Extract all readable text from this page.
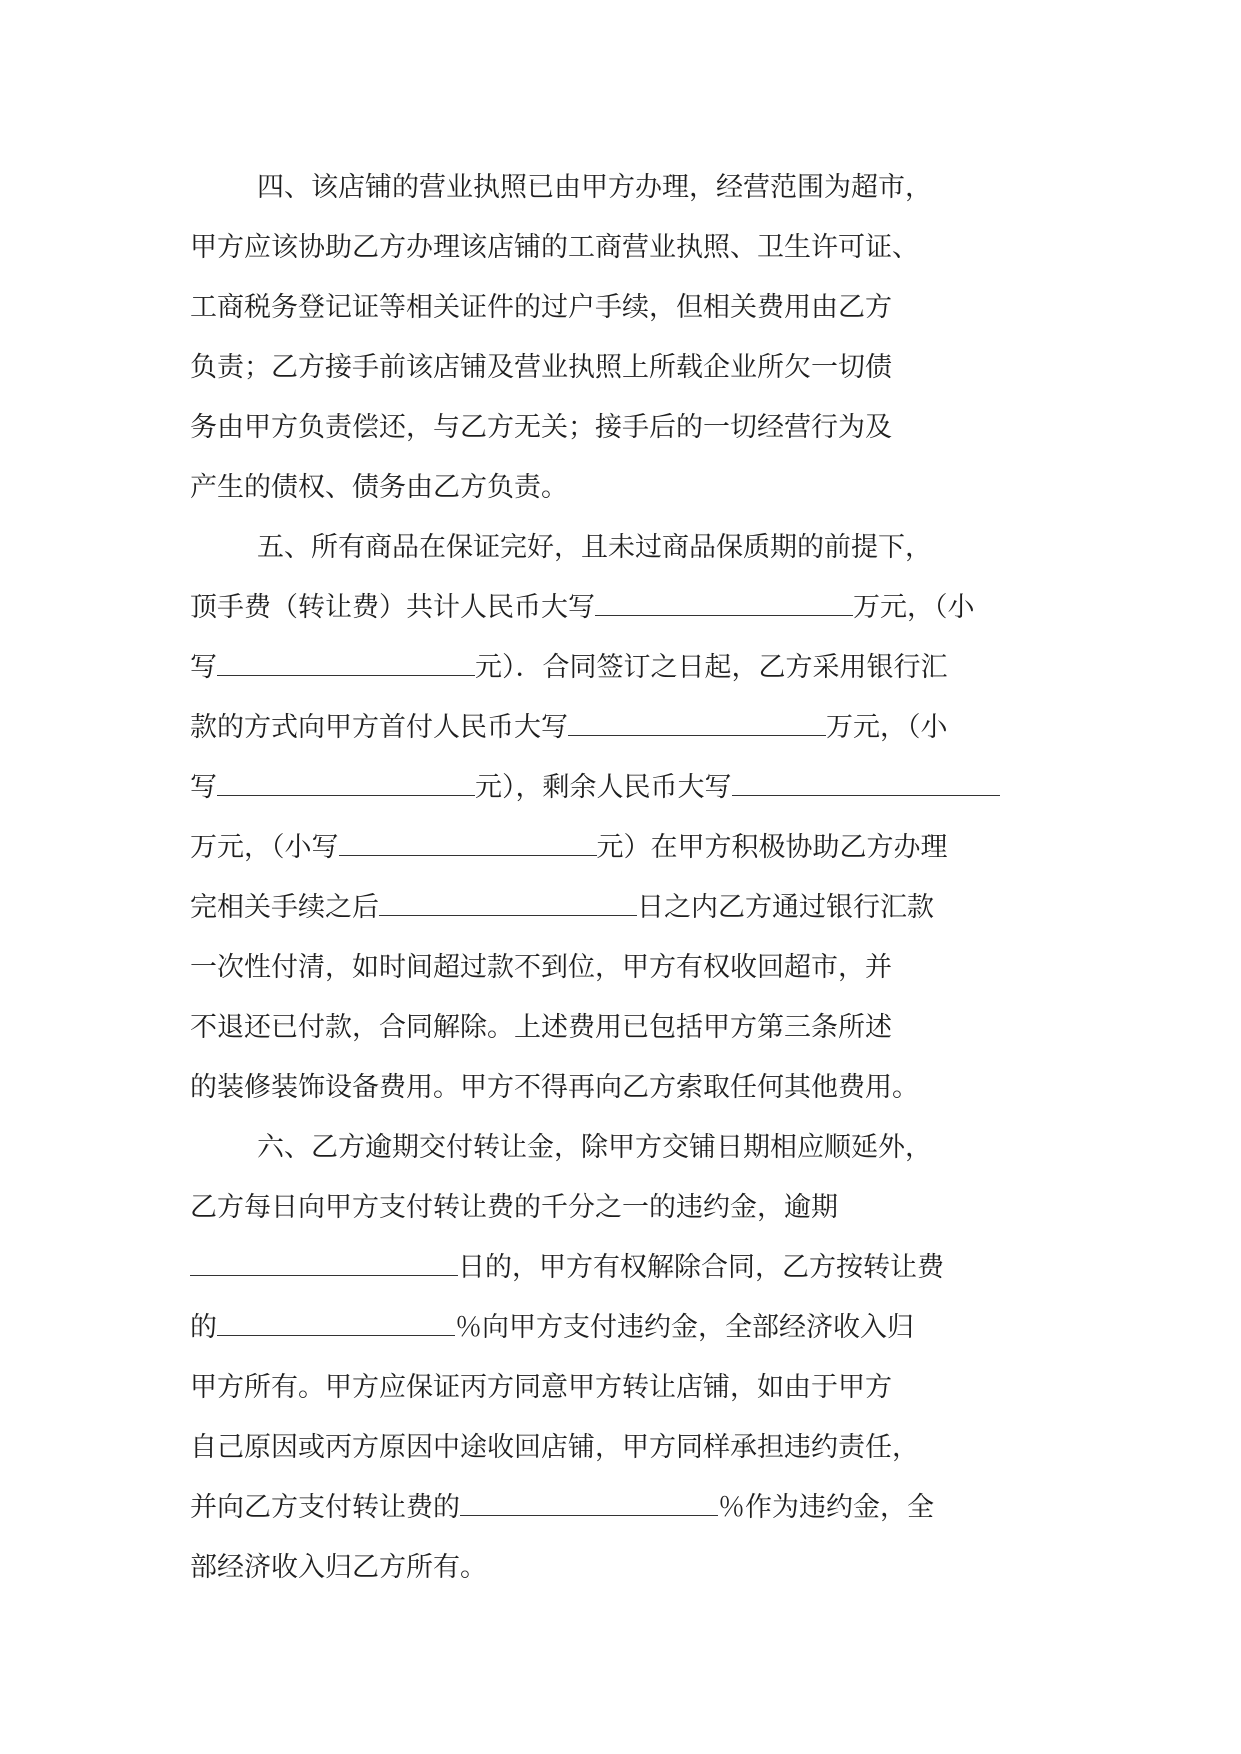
四、该店铺的营业执照已由甲方办理，经营范围为超市，
甲方应该协助乙方办理该店铺的工商营业执照、卫生许可证、
工商税务登记证等相关证件的过户手续，但相关费用由乙方
负责；乙方接手前该店铺及营业执照上所载企业所欠一切债
务由甲方负责偿还，与乙方无关；接手后的一切经营行为及
产生的债权、债务由乙方负责。
五、所有商品在保证完好，且未过商品保质期的前提下，
顶手费（转让费）共计人民币大写	万元，（小
写	元）．合同签订之日起，乙方采用银行汇
款的方式向甲方首付人民币大写	万元，（小
写	元），剩余人民币大写
万元，（小写	元）在甲方积极协助乙方办理
完相关手续之后	日之内乙方通过银行汇款
一次性付清，如时间超过款不到位，甲方有权收回超市，并
不退还已付款，合同解除。上述费用已包括甲方第三条所述
的装修装饰设备费用。甲方不得再向乙方索取任何其他费用。
六、乙方逾期交付转让金，除甲方交铺日期相应顺延外，
乙方每日向甲方支付转让费的千分之一的违约金，逾期
日的，甲方有权解除合同，乙方按转让费
的	％向甲方支付违约金，全部经济收入归
甲方所有。甲方应保证丙方同意甲方转让店铺，如由于甲方
自己原因或丙方原因中途收回店铺，甲方同样承担违约责任，
并向乙方支付转让费的	％作为违约金，全
部经济收入归乙方所有。
